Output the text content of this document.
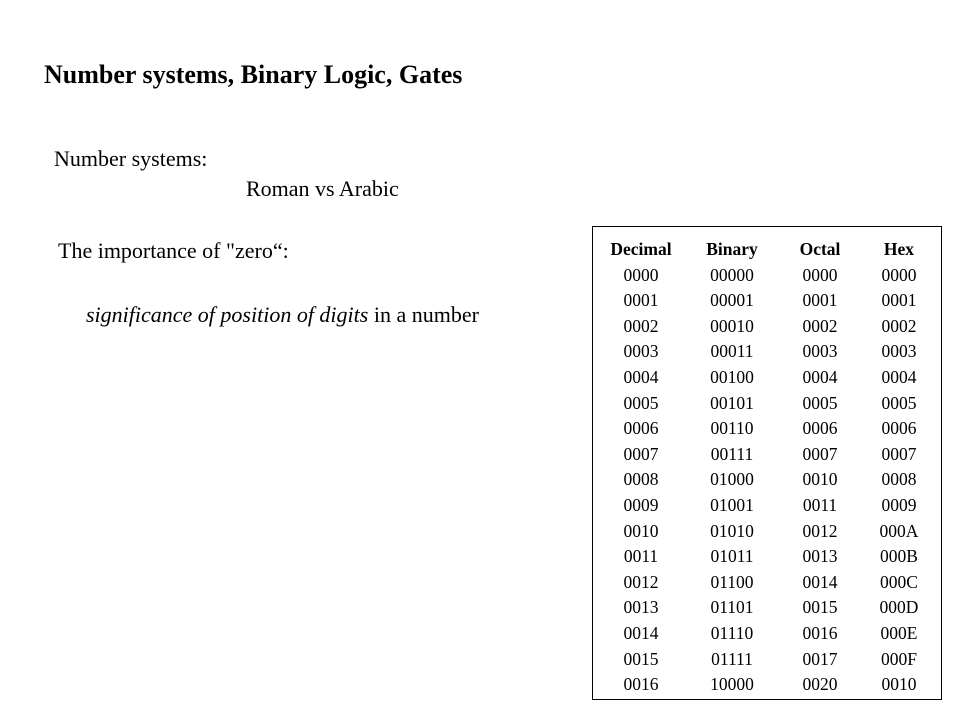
Number systems, Binary Logic, Gates
Number systems:
Roman vs Arabic
The importance of "zero“:
significance of position of digits in a number
Decimal	Binary	Octal	Hex
0000	00000	0000	0000
0001	00001	0001	0001
0002	00010	0002	0002
0003	00011	0003	0003
0004	00100	0004	0004
0005	00101	0005	0005
0006	00110	0006	0006
0007	00111	0007	0007
0008	01000	0010	0008
0009	01001	0011	0009
0010	01010	0012	000A
0011	01011	0013	000B
0012	01100	0014	000C
0013	01101	0015	000D
0014	01110	0016	000E
0015	01111	0017	000F
0016	10000	0020	0010
